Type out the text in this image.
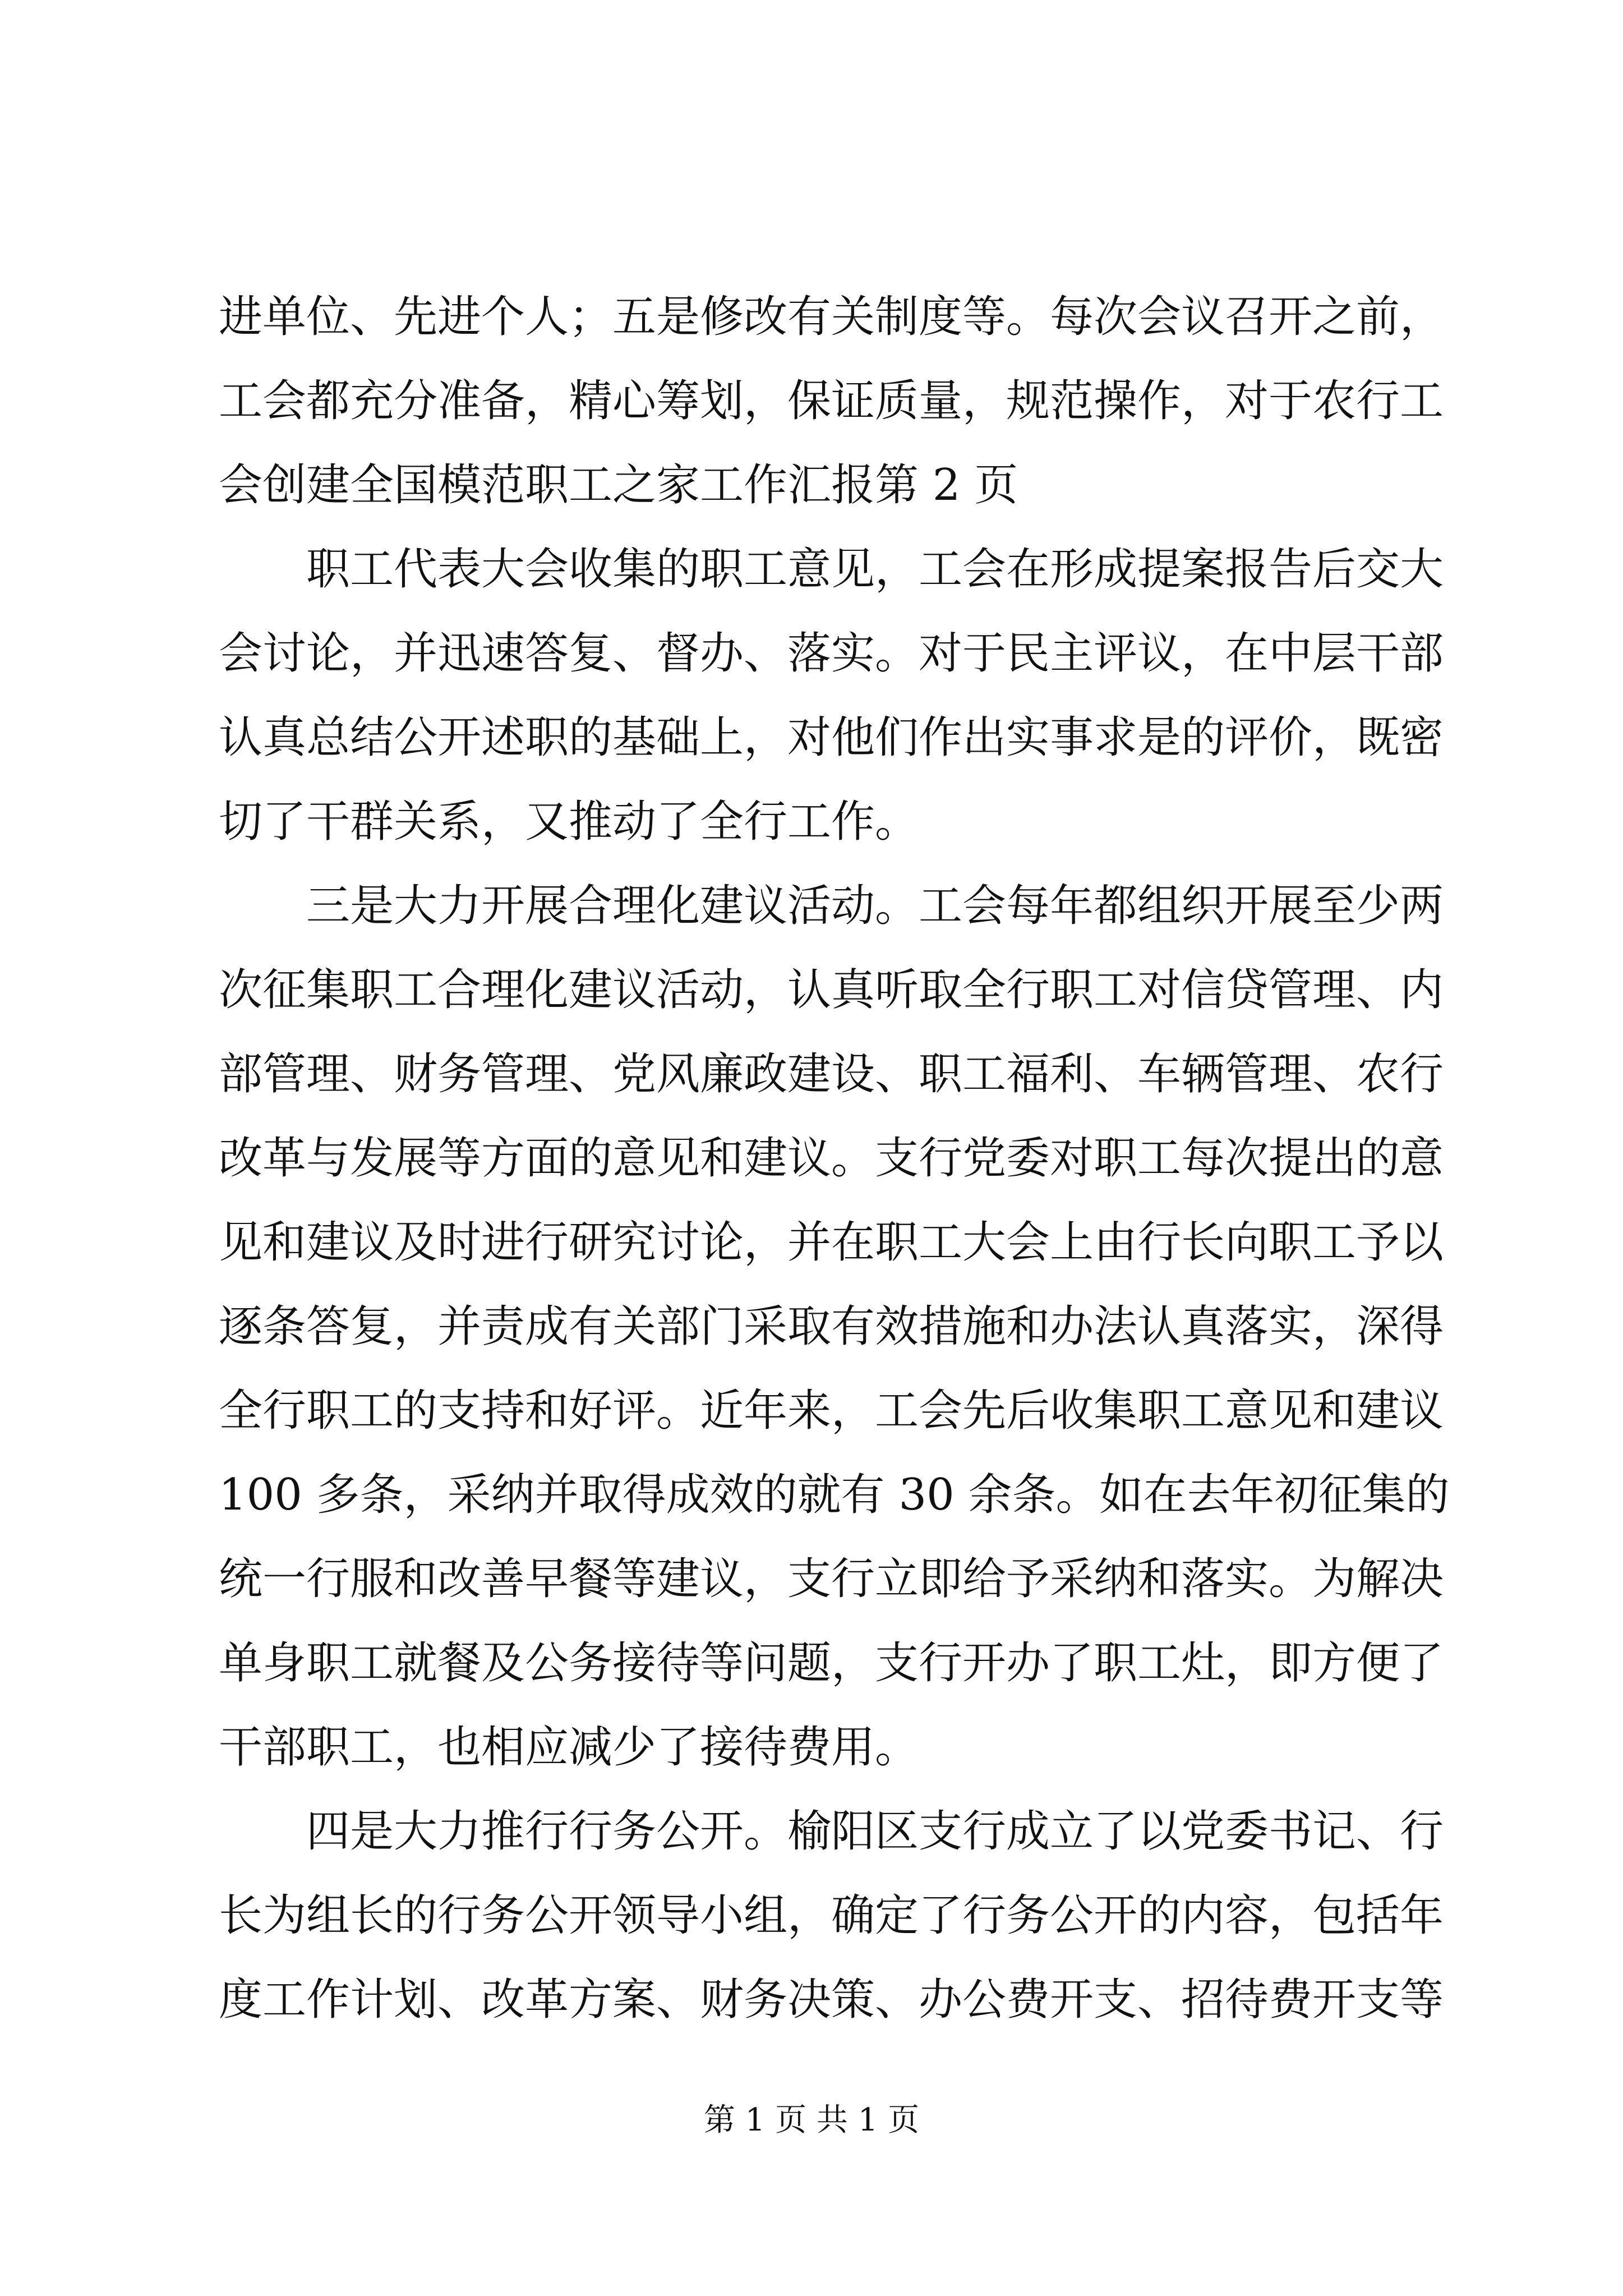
进单位、先进个人；五是修改有关制度等。每次会议召开之前，
工会都充分准备，精心筹划，保证质量，规范操作，对于农行工
会创建全国模范职工之家工作汇报第 2 页
职工代表大会收集的职工意见，工会在形成提案报告后交大
会讨论，并迅速答复、督办、落实。对于民主评议，在中层干部
认真总结公开述职的基础上，对他们作出实事求是的评价，既密
切了干群关系，又推动了全行工作。
三是大力开展合理化建议活动。工会每年都组织开展至少两
次征集职工合理化建议活动，认真听取全行职工对信贷管理、内
部管理、财务管理、党风廉政建设、职工福利、车辆管理、农行
改革与发展等方面的意见和建议。支行党委对职工每次提出的意
见和建议及时进行研究讨论，并在职工大会上由行长向职工予以
逐条答复，并责成有关部门采取有效措施和办法认真落实，深得
全行职工的支持和好评。近年来，工会先后收集职工意见和建议
100 多条，采纳并取得成效的就有 30 余条。如在去年初征集的
统一行服和改善早餐等建议，支行立即给予采纳和落实。为解决
单身职工就餐及公务接待等问题，支行开办了职工灶，即方便了
干部职工，也相应减少了接待费用。
四是大力推行行务公开。榆阳区支行成立了以党委书记、行
长为组长的行务公开领导小组，确定了行务公开的内容，包括年
度工作计划、改革方案、财务决策、办公费开支、招待费开支等
第 1 页 共 1 页
